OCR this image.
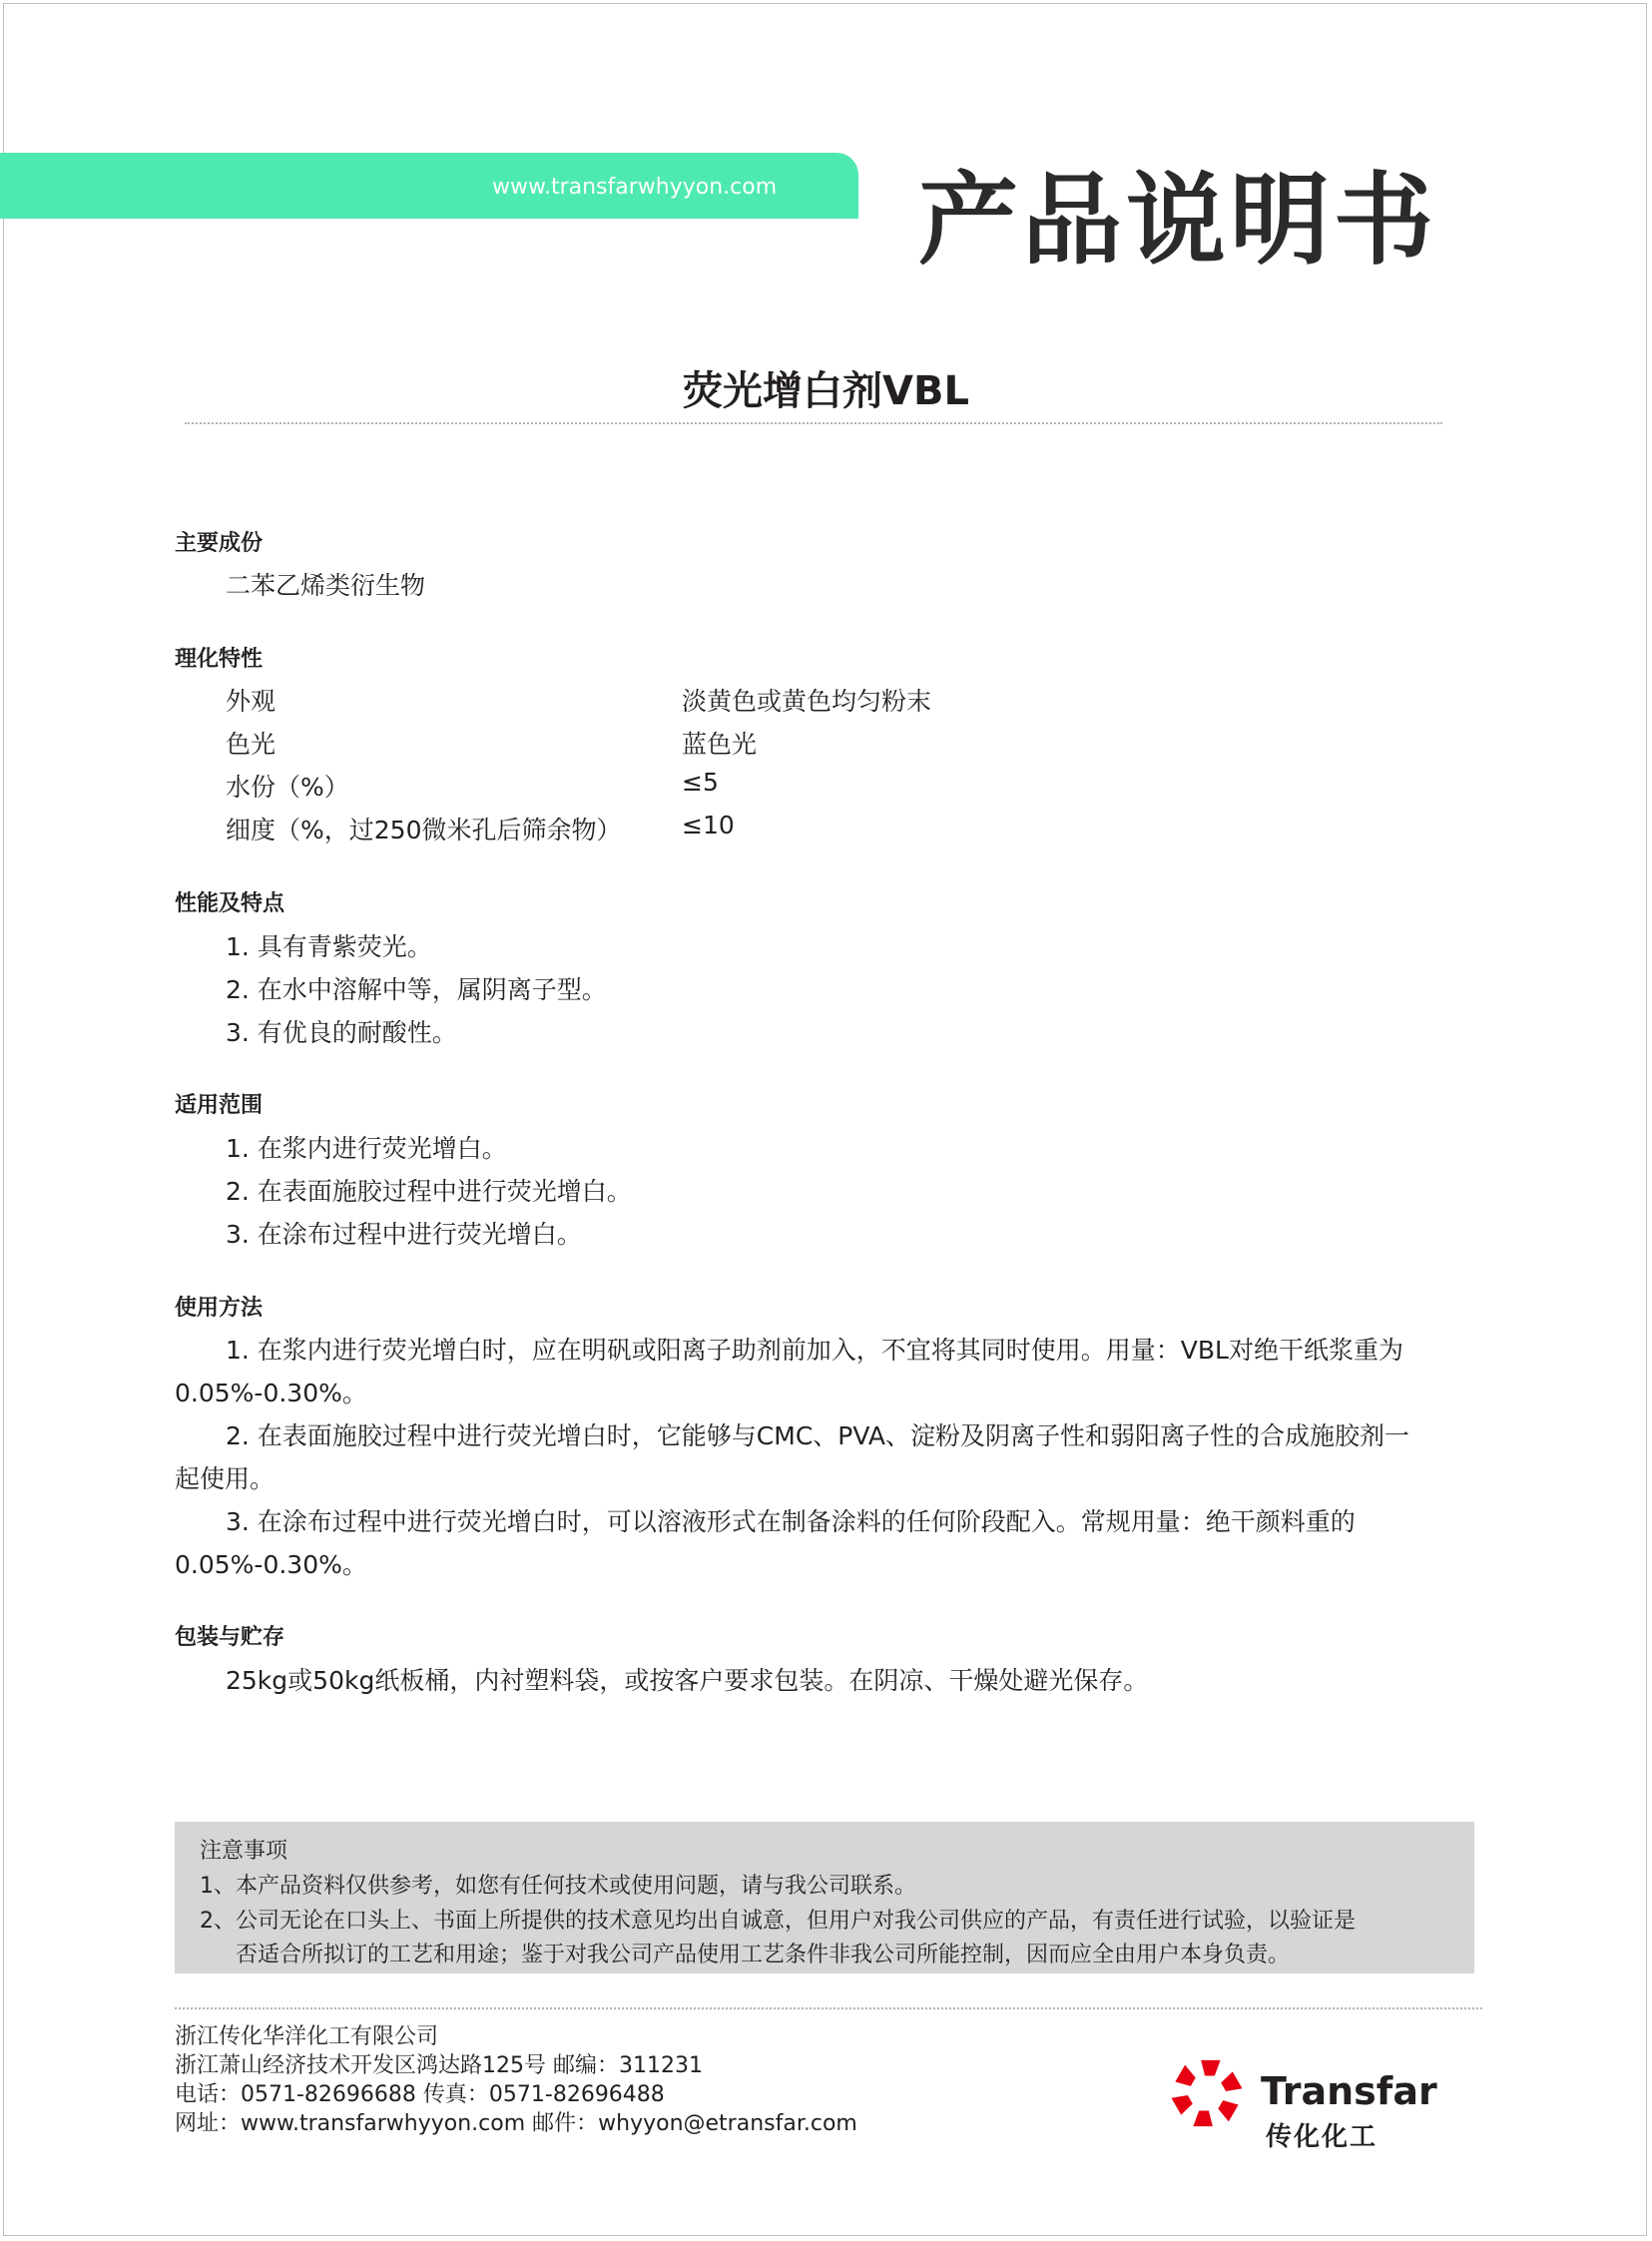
www.transfarwhyyon.com 产品说明书
荧光增白剂VBL
主要成份
二苯乙烯类衍生物
理化特性
外观	淡黄色或黄色均匀粉末
色光	蓝色光
水份（%）	≤5
细度（%，过250微米孔后筛余物） ≤10
性能及特点
1. 具有青紫荧光。
2. 在水中溶解中等，属阴离子型。
3. 有优良的耐酸性。
适用范围
1. 在浆内进行荧光增白。
2. 在表面施胶过程中进行荧光增白。
3. 在涂布过程中进行荧光增白。
使用方法
1. 在浆内进行荧光增白时，应在明矾或阳离子助剂前加入，不宜将其同时使用。用量：VBL对绝干纸浆重为
0.05%-0.30%。
2. 在表面施胶过程中进行荧光增白时，它能够与CMC、PVA、淀粉及阴离子性和弱阳离子性的合成施胶剂一
起使用。
3. 在涂布过程中进行荧光增白时，可以溶液形式在制备涂料的任何阶段配入。常规用量：绝干颜料重的
0.05%-0.30%。
包装与贮存
25kg或50kg纸板桶，内衬塑料袋，或按客户要求包装。在阴凉、干燥处避光保存。
注意事项
1、本产品资料仅供参考，如您有任何技术或使用问题，请与我公司联系。
2、公司无论在口头上、书面上所提供的技术意见均出自诚意，但用户对我公司供应的产品，有责任进行试验，以验证是
否适合所拟订的工艺和用途；鉴于对我公司产品使用工艺条件非我公司所能控制，因而应全由用户本身负责。
浙江传化华洋化工有限公司
浙江萧山经济技术开发区鸿达路125号 邮编：311231
电话：0571-82696688 传真：0571-82696488
网址：www.transfarwhyyon.com 邮件：whyyon@etransfar.com
Transfar
传化化工
